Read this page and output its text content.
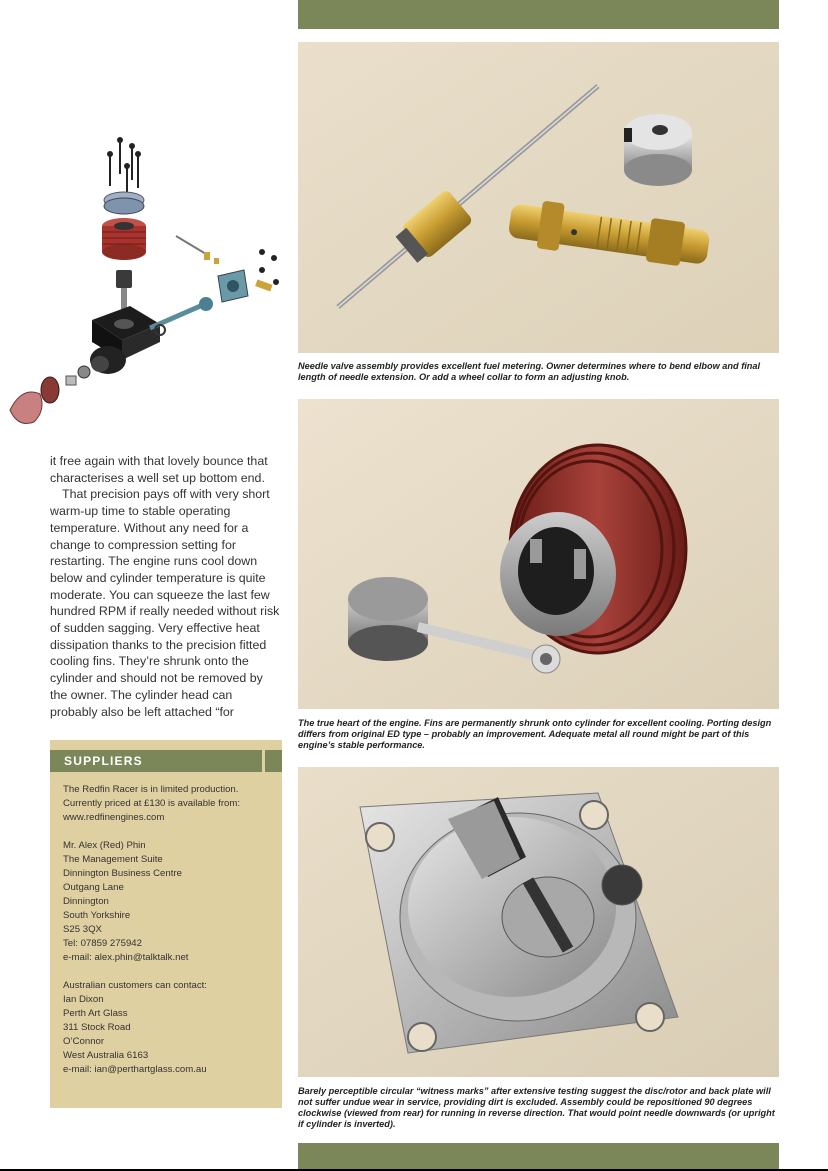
Needle valve assembly provides excellent fuel metering. Owner determines where to bend elbow and final length of needle extension. Or add a wheel collar to form an adjusting knob.

The true heart of the engine. Fins are permanently shrunk onto cylinder for excellent cooling. Porting design differs from original ED type – probably an improvement. Adequate metal all round might be part of this engine’s stable performance.

Barely perceptible circular “witness marks” after extensive testing suggest the disc/rotor and back plate will not suffer undue wear in service, providing dirt is excluded. Assembly could be repositioned 90 degrees clockwise (viewed from rear) for running in reverse direction. That would point needle downwards (or upright if cylinder is inverted).

it free again with that lovely bounce that characterises a well set up bottom end.

That precision pays off with very short warm-up time to stable operating temperature. Without any need for a change to compression setting for restarting. The engine runs cool down below and cylinder temperature is quite moderate. You can squeeze the last few hundred RPM if really needed without risk of sudden sagging. Very effective heat dissipation thanks to the precision fitted cooling fins. They’re shrunk onto the cylinder and should not be removed by the owner. The cylinder head can probably also be left attached “for

SUPPLIERS
The Redfin Racer is in limited production.
Currently priced at £130 is available from:
www.redfinengines.com
Mr. Alex (Red) Phin
The Management Suite
Dinnington Business Centre
Outgang Lane
Dinnington
South Yorkshire
S25 3QX
Tel: 07859 275942
e-mail: alex.phin@talktalk.net
Australian customers can contact:
Ian Dixon
Perth Art Glass
311 Stock Road
O’Connor
West Australia 6163
e-mail: ian@perthartglass.com.au
